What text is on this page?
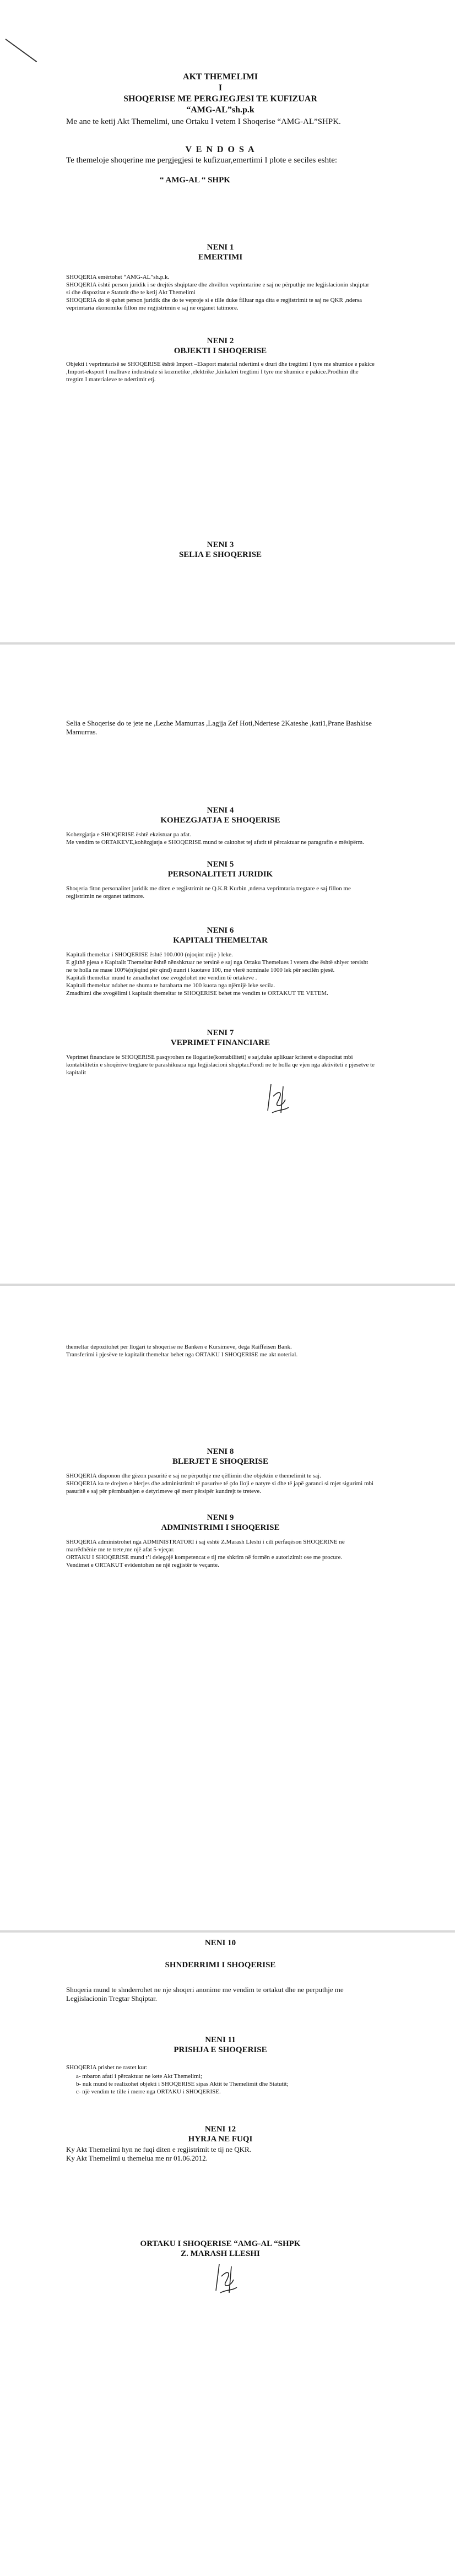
AKT THEMELIMI
I
SHOQERISE ME PERGJEGJESI TE KUFIZUAR
“AMG-AL”sh.p.k
Me ane te ketij Akt Themelimi, une Ortaku I vetem I Shoqerise “AMG-AL”SHPK.
V E N D O S A
Te themeloje shoqerine me pergjegjesi te kufizuar,emertimi I plote e seciles eshte:
“ AMG-AL “ SHPK
NENI 1
EMERTIMI

SHOQERIA emërtohet “AMG-AL”sh.p.k.

SHOQERIA është person juridik i se drejtës shqiptare dhe zhvillon veprimtarine e saj ne përputhje me legjislacionin shqiptar si dhe dispozitat e Statutit dhe te ketij Akt Themelimi

SHOQERIA do të quhet person juridik dhe do te veproje si e tille duke filluar nga dita e regjistrimit te saj ne QKR ,ndersa veprimtaria ekonomike fillon me regjistrimin e saj ne organet tatimore.

NENI 2
OBJEKTI I SHOQERISE
Objekti i veprimtarisë se SHOQERISE është Import –Eksport material ndertimi e druri dhe tregtimi I tyre me shumice e pakice ,Import-eksport I mallrave industriale si kozmetike ,elektrike ,kinkaleri tregtimi I tyre me shumice e pakice.Prodhim dhe tregtim I materialeve te ndertimit etj.
NENI 3
SELIA E SHOQERISE
Selia e Shoqerise do te jete ne ,Lezhe Mamurras ,Lagjja Zef Hoti,Ndertese 2Kateshe ,kati1,Prane Bashkise Mamurras.
NENI 4
KOHEZGJATJA E SHOQERISE

Kohezgjatja e SHOQERISE është ekzistuar pa afat.

Me vendim te ORTAKEVE,kohëzgjatja e SHOQERISE mund te caktohet tej afatit të përcaktuar ne paragrafin e mësipërm.

NENI 5
PERSONALITETI JURIDIK
Shoqeria fiton personalitet juridik me diten e regjistrimit ne Q.K.R Kurbin ,ndersa veprimtaria tregtare e saj fillon me regjistrimin ne organet tatimore.
NENI 6
KAPITALI THEMELTAR

Kapitali themeltar i SHOQERISE është 100.000 (njoqint mije ) leke.

E gjithë pjesa e Kapitalit Themeltar është nënshkruar ne tersinë e saj nga Ortaku Themelues I vetem dhe është shlyer tersisht ne te holla ne mase 100%(njëqind për qind) nunri i kuotave 100, me vlerë nominale 1000 lek për secilën pjesë.

Kapitali themeltar mund te zmadhohet ose zvogelohet me vendim të ortakeve .

Kapitali themeltar ndahet ne shuma te barabarta me 100 kuota nga njëmijë leke secila.

Zmadhimi dhe zvogëlimi i kapitalit themeltar te SHOQERISE behet me vendim te ORTAKUT TE VETEM.

NENI 7
VEPRIMET FINANCIARE
Veprimet financiare te SHOQERISE pasqyrohen ne llogarite(kontabiliteti) e saj,duke aplikuar kriteret e dispozitat mbi kontabilitetin e shoqërive tregtare te parashikuara nga legjislacioni shqiptar.Fondi ne te holla qe vjen nga aktiviteti e pjesetve te kapitalit

themeltar depozitohet per llogari te shoqerise ne Banken e Kursimeve, dega Raiffeisen Bank.

Transferimi i pjesëve te kapitalit themeltar behet nga ORTAKU I SHOQERISE me akt noterial.

NENI 8
BLERJET E SHOQERISE

SHOQERIA disponon dhe gëzon pasuritë e saj ne përputhje me qëllimin dhe objektin e themelimit te saj.

SHOQERIA ka te drejten e blerjes dhe administrimit të pasurive të çdo lloji e natyre si dhe të japë garanci si mjet sigurimi mbi pasuritë e saj për përmbushjen e detyrimeve që merr përsipër kundrejt te treteve.

NENI 9
ADMINISTRIMI I SHOQERISE

SHOQERIA administrohet nga ADMINISTRATORI i saj është Z.Marash Lleshi i cili përfaqëson SHOQERINE në marrëdhënie me te trete,me një afat 5-vjeçar.

ORTAKU I SHOQERISE mund t’i delegojë kompetencat e tij me shkrim në formën e autorizimit ose me procure.

Vendimet e ORTAKUT evidentohen ne një regjistër te veçante.

NENI 10
SHNDERRIMI I SHOQERISE
Shoqeria mund te shnderrohet ne nje shoqeri anonime me vendim te ortakut dhe ne perputhje me Legjislacionin Tregtar Shqiptar.
NENI 11
PRISHJA E SHOQERISE

SHOQERIA prishet ne rastet kur:

a- mbaron afati i përcaktuar ne kete Akt Themelimi;
b- nuk mund te realizohet objekti i SHOQERISE sipas Aktit te Themelimit dhe Statutit;
c- një vendim te tille i merre nga ORTAKU i SHOQERISE.
NENI 12
HYRJA NE FUQI

Ky Akt Themelimi hyn ne fuqi diten e regjistrimit te tij ne QKR.

Ky Akt Themelimi u themelua me nr 01.06.2012.

ORTAKU I SHOQERISE “AMG-AL “SHPK
Z. MARASH LLESHI
